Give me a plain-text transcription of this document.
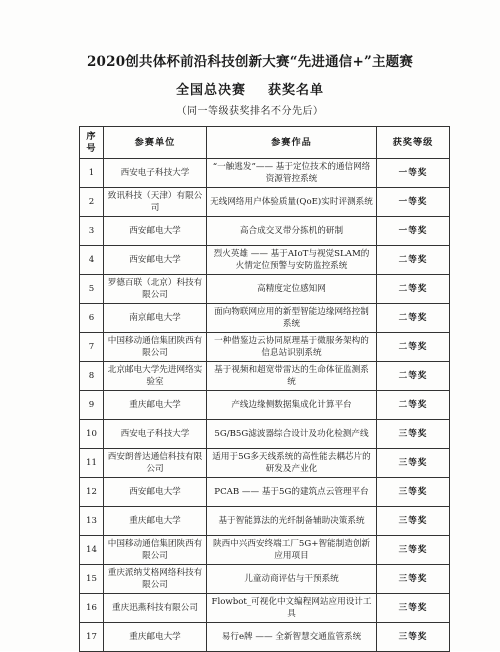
2020创共体杯前沿科技创新大赛“先进通信+”主题赛
全国总决赛 获奖名单
（同一等级获奖排名不分先后）
序号	参赛单位	参赛作品	获奖等级
1	西安电子科技大学	“一触逃发”—— 基于定位技术的通信网络资源管控系统	一等奖
2	致讯科技（天津）有限公司	无线网络用户体验质量(QoE)实时评测系统	一等奖
3	西安邮电大学	高合成交叉带分拣机的研制	一等奖
4	西安邮电大学	烈火英雄 —— 基于AIoT与视觉SLAM的火情定位预警与安防监控系统	二等奖
5	罗德百联（北京）科技有限公司	高精度定位感知网	二等奖
6	南京邮电大学	面向物联网应用的新型智能边缘网络控制系统	二等奖
7	中国移动通信集团陕西有限公司	一种借鉴边云协同原理基于微服务架构的信息站识别系统	二等奖
8	北京邮电大学先进网络实验室	基于视频和超宽带雷达的生命体征监测系统	二等奖
9	重庆邮电大学	产线边缘侧数据集成化计算平台	二等奖
10	西安电子科技大学	5G/B5G滤波器综合设计及功化检测产线	三等奖
11	西安朗普达通信科技有限公司	适用于5G多天线系统的高性能去耦芯片的研发及产业化	三等奖
12	西安邮电大学	PCAB —— 基于5G的建筑点云管理平台	三等奖
13	重庆邮电大学	基于智能算法的光纤制备辅助决策系统	三等奖
14	中国移动通信集团陕西有限公司	陕西中兴西安终端工厂5G+智能制造创新应用项目	三等奖
15	重庆派纳艾格网络科技有限公司	儿童动商评估与干预系统	三等奖
16	重庆迅燕科技有限公司	Flowbot_可视化中文编程网站应用设计工具	三等奖
17	重庆邮电大学	易行e牌 —— 全新智慧交通监管系统	三等奖
